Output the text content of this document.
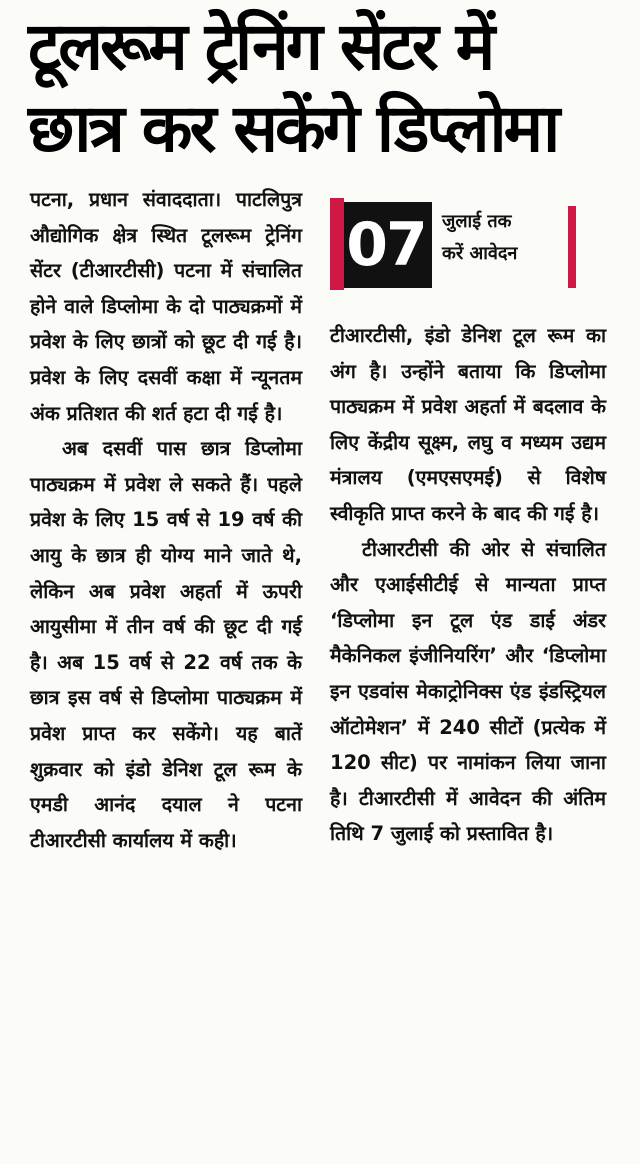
टूलरूम ट्रेनिंग सेंटर में
छात्र कर सकेंगे डिप्लोमा

पटना, प्रधान संवाददाता। पाटलिपुत्र औद्योगिक क्षेत्र स्थित टूलरूम ट्रेनिंग सेंटर (टीआरटीसी) पटना में संचालित होने वाले डिप्लोमा के दो पाठ्यक्रमों में प्रवेश के लिए छात्रों को छूट दी गई है। प्रवेश के लिए दसवीं कक्षा में न्यूनतम अंक प्रतिशत की शर्त हटा दी गई है।

अब दसवीं पास छात्र डिप्लोमा पाठ्यक्रम में प्रवेश ले सकते हैं। पहले प्रवेश के लिए 15 वर्ष से 19 वर्ष की आयु के छात्र ही योग्य माने जाते थे, लेकिन अब प्रवेश अहर्ता में ऊपरी आयुसीमा में तीन वर्ष की छूट दी गई है। अब 15 वर्ष से 22 वर्ष तक के छात्र इस वर्ष से डिप्लोमा पाठ्यक्रम में प्रवेश प्राप्त कर सकेंगे। यह बातें शुक्रवार को इंडो डेनिश टूल रूम के एमडी आनंद दयाल ने पटना टीआरटीसी कार्यालय में कही।

07 जुलाई तक
करें आवेदन

टीआरटीसी, इंडो डेनिश टूल रूम का अंग है। उन्होंने बताया कि डिप्लोमा पाठ्यक्रम में प्रवेश अहर्ता में बदलाव के लिए केंद्रीय सूक्ष्म, लघु व मध्यम उद्यम मंत्रालय (एमएसएमई) से विशेष स्वीकृति प्राप्त करने के बाद की गई है।

टीआरटीसी की ओर से संचालित और एआईसीटीई से मान्यता प्राप्त ‘डिप्लोमा इन टूल एंड डाई अंडर मैकेनिकल इंजीनियरिंग’ और ‘डिप्लोमा इन एडवांस मेकाट्रोनिक्स एंड इंडस्ट्रियल ऑटोमेशन’ में 240 सीटों (प्रत्येक में 120 सीट) पर नामांकन लिया जाना है। टीआरटीसी में आवेदन की अंतिम तिथि 7 जुलाई को प्रस्तावित है।
